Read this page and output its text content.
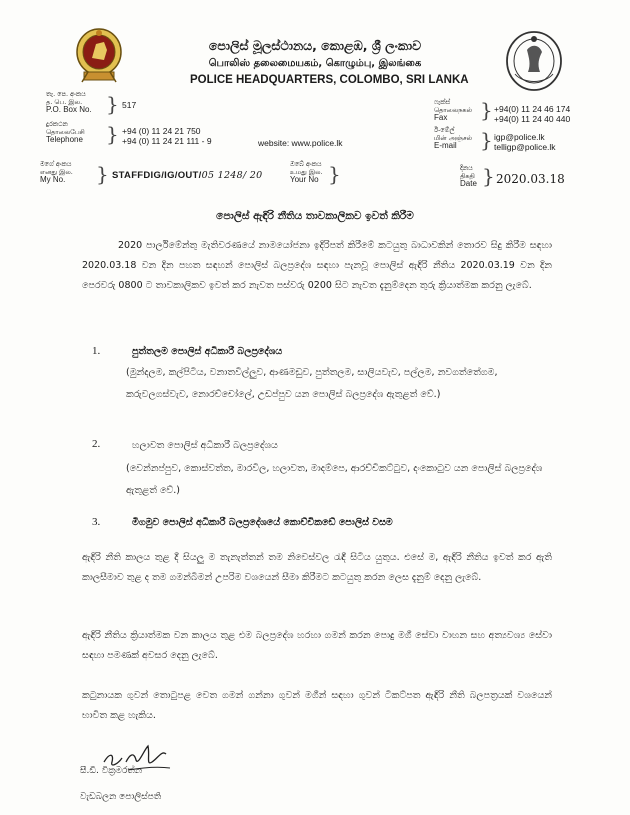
පොලිස් මූලස්ථානය, කොළඹ, ශ්‍රී ලංකාව
பொலிஸ் தலைமையகம், கொழும்பு, இலங்கை
POLICE HEADQUARTERS, COLOMBO, SRI LANKA
තැ. පෙ. අංකය
த. பெ. இல.
P.O. Box No. } 517
දුරකථන
தொலைபேசி
Telephone } +94 (0) 11 24 21 750
+94 (0) 11 24 21 111 - 9	website: www.police.lk
ෆැක්ස්
தொலைநகல்
Fax	} +94(0) 11 24 46 174
+94(0) 11 24 40 440
ඊ-මේල්
மின் அஞ்சல்
E-mail	} igp@police.lk
telligp@police.lk
මගේ අංකය
எனது இல.
My No.	} STAFFDIG/IG/OUT/05 1248/ 20
ඔබේ අංකය
உமது இல.
Your No }	දිනය
திகதி
Date } 2020.03.18
පොලිස් ඇඳිරි නීතිය තාවකාලිකව ඉවත් කිරීම
2020 පාර්ලිමේන්තු මැතිවරණයේ නාමයෝජනා ඉදිරිපත් කිරීමේ කටයුතු බාධාවකින් තොරව සිදු කිරීම සඳහා 2020.03.18 වන දින පහත සඳහන් පොලිස් බලප්‍රදේශ සඳහා පැනවූ පොලිස් ඇඳිරි නීතිය 2020.03.19 වන දින පෙරවරු 0800 ට තාවකාලිකව ඉවත් කර නැවත පස්වරු 0200 සිට නැවත දැනුම්දෙන තුරු ක්‍රියාත්මක කරනු ලැබේ.
1.	පුත්තලම පොලිස් අධිකාරී බලප්‍රදේශය
(මුන්දලම, කල්පිටිය, වනාතවිල්ලුව, ආණමඩුව, පුත්තලම, සාලියවැව, පල්ලම, නවගත්තේගම, කරුවලගස්වැව, නොරච්චෝලේ, උඩප්පුව යන පොලිස් බලප්‍රදේශ ඇතුළත් වේ.)
2.	හලාවත පොලිස් අධිකාරී බලප්‍රදේශය
(වෙන්නප්පුව, කොස්වත්ත, මාරවිල, හලාවත, මාදම්පෙ, ආරච්චිකට්ටුව, දංකොටුව යන පොලිස් බලප්‍රදේශ ඇතුළත් වේ.)
3.	මීගමුව පොලිස් අධිකාරී බලප්‍රදේශයේ කොච්චිකඩේ පොලිස් වසම
ඇඳිරි නීති කාලය තුළ දී සියලු ම තැනැත්තන් තම නිවෙස්වල රැඳී සිටිය යුතුය. එසේ ම, ඇඳිරි නීතිය ඉවත් කර ඇති කාලසීමාව තුළ ද තම ගමන්බිමන් උපරිම වශයෙන් සීමා කිරීමට කටයුතු කරන ලෙස දැනුම් දෙනු ලැබේ.
ඇඳිරි නීතිය ක්‍රියාත්මක වන කාලය තුළ එම බලප්‍රදේශ හරහා ගමන් කරන පොදු මගී සේවා වාහන සහ අත්‍යවශ්‍ය සේවා සඳහා පමණක් අවසර දෙනු ලැබේ.
කටුනායක ගුවන් තොටුපළ වෙත ගමන් ගන්නා ගුවන් මගීන් සඳහා ගුවන් ටිකට්පත ඇඳිරි නීති බලපත්‍රයක් වශයෙන් භාවිත කළ හැකිය.
සී.ඩී. වික්‍රමරත්න
වැඩබලන පොලිස්පති
